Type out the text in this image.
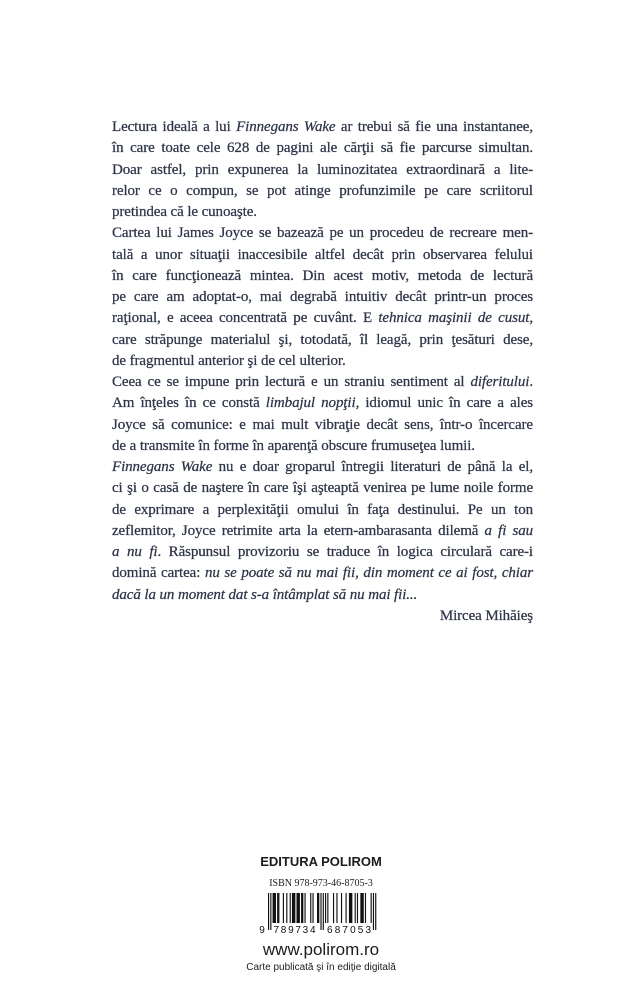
Lectura ideală a lui Finnegans Wake ar trebui să fie una instantanee,
în care toate cele 628 de pagini ale cărţii să fie parcurse simultan.
Doar astfel, prin expunerea la luminozitatea extraordinară a lite-
relor ce o compun, se pot atinge profunzimile pe care scriitorul
pretindea că le cunoaşte.
Cartea lui James Joyce se bazează pe un procedeu de recreare men-
tală a unor situaţii inaccesibile altfel decât prin observarea felului
în care funcţionează mintea. Din acest motiv, metoda de lectură
pe care am adoptat-o, mai degrabă intuitiv decât printr-un proces
raţional, e aceea concentrată pe cuvânt. E tehnica maşinii de cusut,
care străpunge materialul şi, totodată, îl leagă, prin ţesături dese,
de fragmentul anterior şi de cel ulterior.
Ceea ce se impune prin lectură e un straniu sentiment al diferitului.
Am înţeles în ce constă limbajul nopţii, idiomul unic în care a ales
Joyce să comunice: e mai mult vibraţie decât sens, într-o încercare
de a transmite în forme în aparenţă obscure frumuseţea lumii.
Finnegans Wake nu e doar groparul întregii literaturi de până la el,
ci şi o casă de naştere în care îşi aşteaptă venirea pe lume noile forme
de exprimare a perplexităţii omului în faţa destinului. Pe un ton
zeflemitor, Joyce retrimite arta la etern-ambarasanta dilemă a fi sau
a nu fi. Răspunsul provizoriu se traduce în logica circulară care-i
domină cartea: nu se poate să nu mai fii, din moment ce ai fost, chiar
dacă la un moment dat s-a întâmplat să nu mai fii...
Mircea Mihăieş
EDITURA POLIROM
ISBN 978-973-46-8705-3
9 789734 687053
www.polirom.ro
Carte publicată şi în ediţie digitală
